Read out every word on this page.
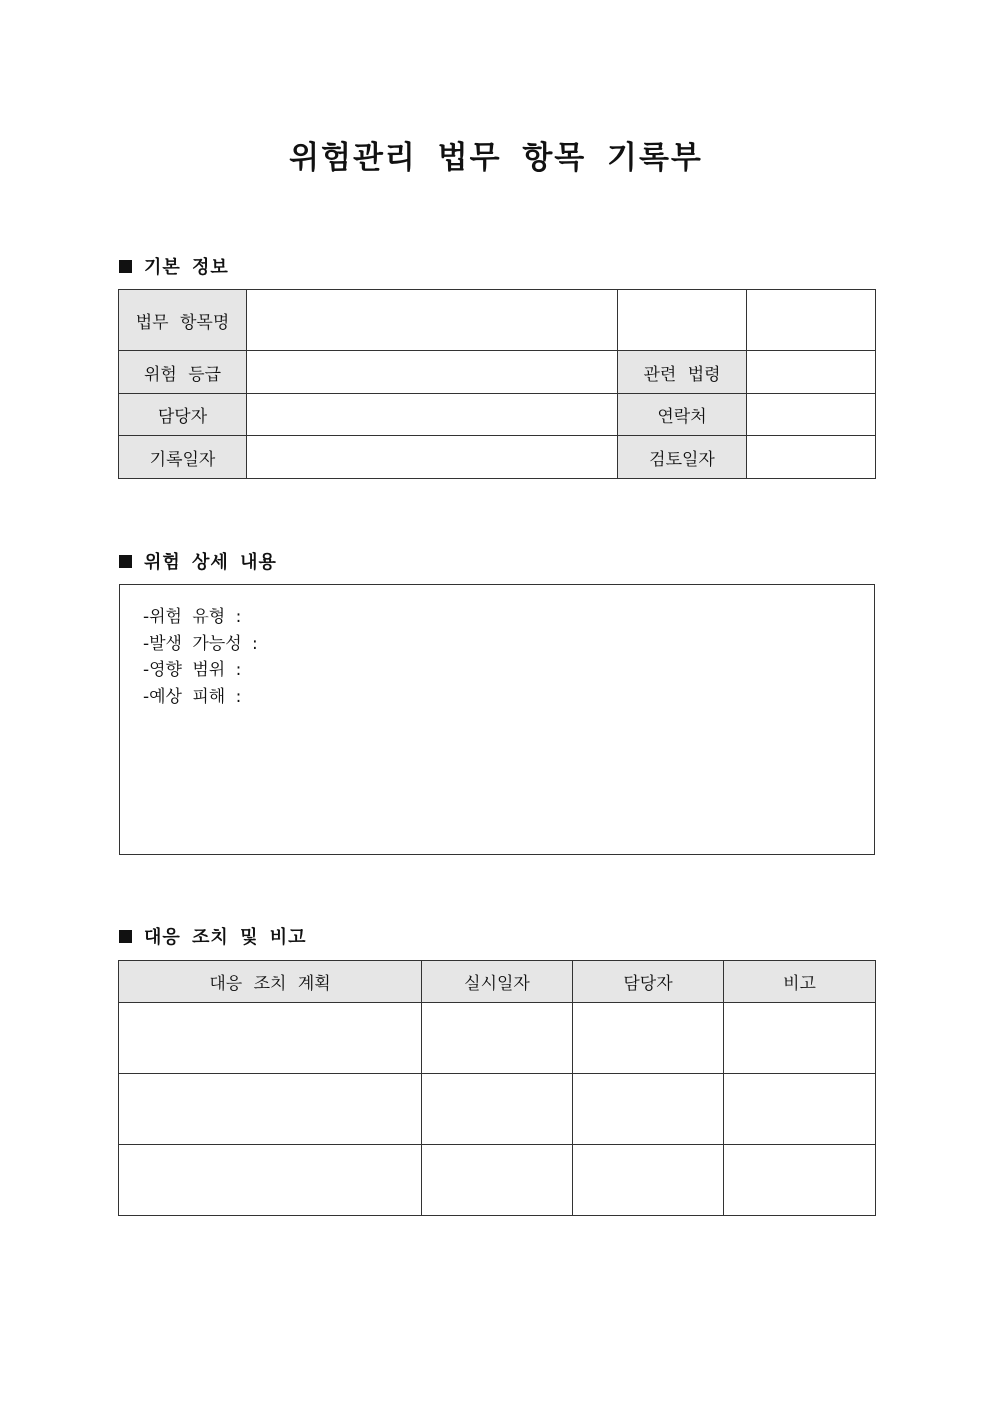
위험관리 법무 항목 기록부
기본 정보
법무 항목명			
위험 등급		관련 법령	
담당자		연락처	
기록일자		검토일자	
위험 상세 내용
-위험 유형 :
-발생 가능성 :
-영향 범위 :
-예상 피해 :
대응 조치 및 비고
대응 조치 계획	실시일자	담당자	비고
